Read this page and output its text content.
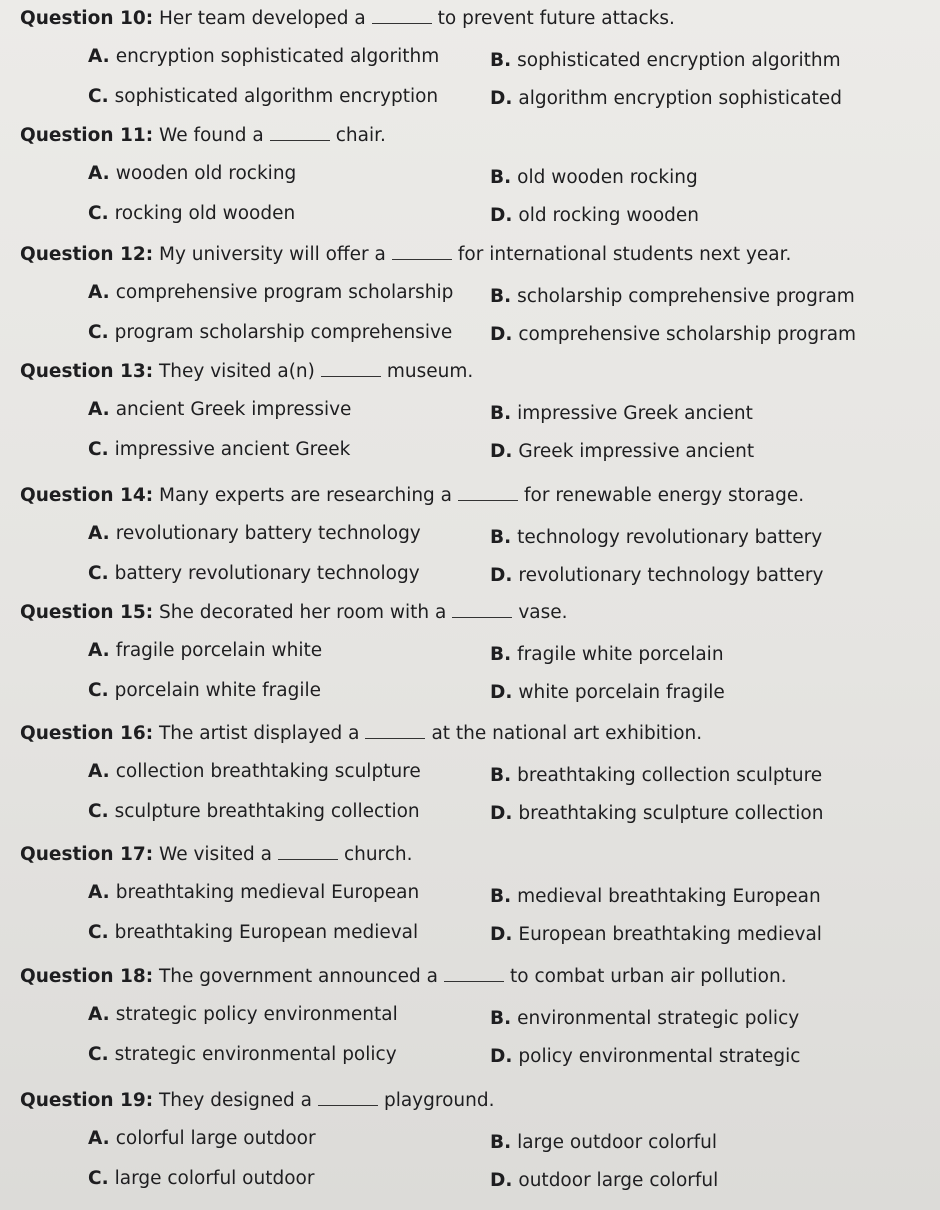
Question 10: Her team developed a	to prevent future attacks.
A. encryption sophisticated algorithm	B. sophisticated encryption algorithm
C. sophisticated algorithm encryption	D. algorithm encryption sophisticated
Question 11: We found a	chair.
A. wooden old rocking	B. old wooden rocking
C. rocking old wooden	D. old rocking wooden
Question 12: My university will offer a	for international students next year.
A. comprehensive program scholarship B. scholarship comprehensive program
C. program scholarship comprehensive D. comprehensive scholarship program
Question 13: They visited a(n)	museum.
A. ancient Greek impressive	B. impressive Greek ancient
C. impressive ancient Greek	D. Greek impressive ancient
Question 14: Many experts are researching a	for renewable energy storage.
A. revolutionary battery technology	B. technology revolutionary battery
C. battery revolutionary technology	D. revolutionary technology battery
Question 15: She decorated her room with a	vase.
A. fragile porcelain white	B. fragile white porcelain
C. porcelain white fragile	D. white porcelain fragile
Question 16: The artist displayed a	at the national art exhibition.
A. collection breathtaking sculpture	B. breathtaking collection sculpture
C. sculpture breathtaking collection	D. breathtaking sculpture collection
Question 17: We visited a	church.
A. breathtaking medieval European	B. medieval breathtaking European
C. breathtaking European medieval	D. European breathtaking medieval
Question 18: The government announced a	to combat urban air pollution.
A. strategic policy environmental	B. environmental strategic policy
C. strategic environmental policy	D. policy environmental strategic
Question 19: They designed a	playground.
A. colorful large outdoor	B. large outdoor colorful
C. large colorful outdoor	D. outdoor large colorful
